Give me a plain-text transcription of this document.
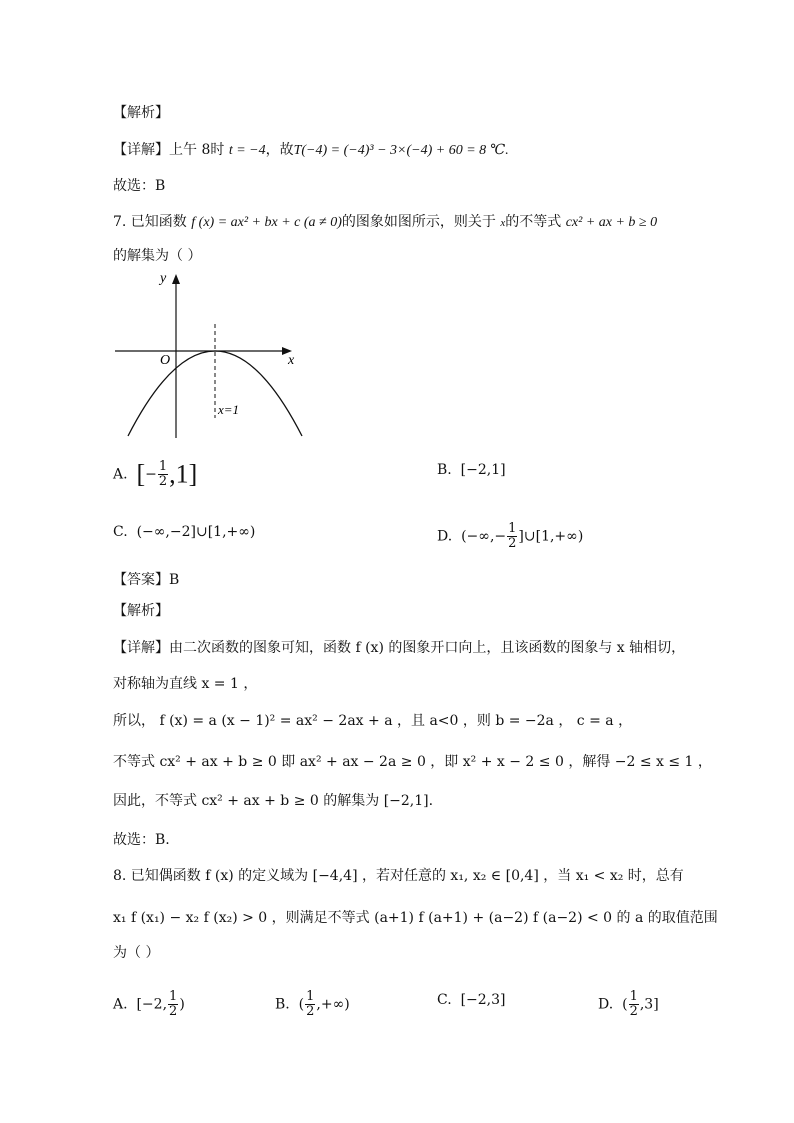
【解析】
【详解】上午 8时 t = −4，故T(−4) = (−4)³ − 3×(−4) + 60 = 8 ℃.
故选：B
7. 已知函数 f (x) = ax² + bx + c (a ≠ 0)的图象如图所示，则关于 x的不等式 cx² + ax + b ≥ 0
的解集为（ ）
y
x
O
x=1
A. [− $\frac{1}{2} ,1$]	B. [−2,1]
C. (−∞,−2]∪[1,+∞)	D. (−∞,− $\frac{1}{2}$ ]∪[1,+∞)
【答案】B
【解析】
【详解】由二次函数的图象可知，函数 f (x) 的图象开口向上，且该函数的图象与 x 轴相切，
对称轴为直线 x = 1 ，
所以， f (x) = a (x − 1)² = ax² − 2ax + a ，且 a<0 ，则 b = −2a ， c = a ，
不等式 cx² + ax + b ≥ 0 即 ax² + ax − 2a ≥ 0 ，即 x² + x − 2 ≤ 0 ，解得 −2 ≤ x ≤ 1 ，
因此，不等式 cx² + ax + b ≥ 0 的解集为 [−2,1].
故选：B.
8. 已知偶函数 f (x) 的定义域为 [−4,4] ，若对任意的 x₁, x₂ ∈ [0,4] ，当 x₁ < x₂ 时，总有
x₁ f (x₁) − x₂ f (x₂) > 0 ，则满足不等式 (a+1) f (a+1) + (a−2) f (a−2) < 0 的 a 的取值范围
为（ ）
A. [−2, $\frac{1}{2}$ )	B. ( $\frac{1}{2}$ ,+∞)	C. [−2,3]	D. ( $\frac{1}{2} ,3$]
